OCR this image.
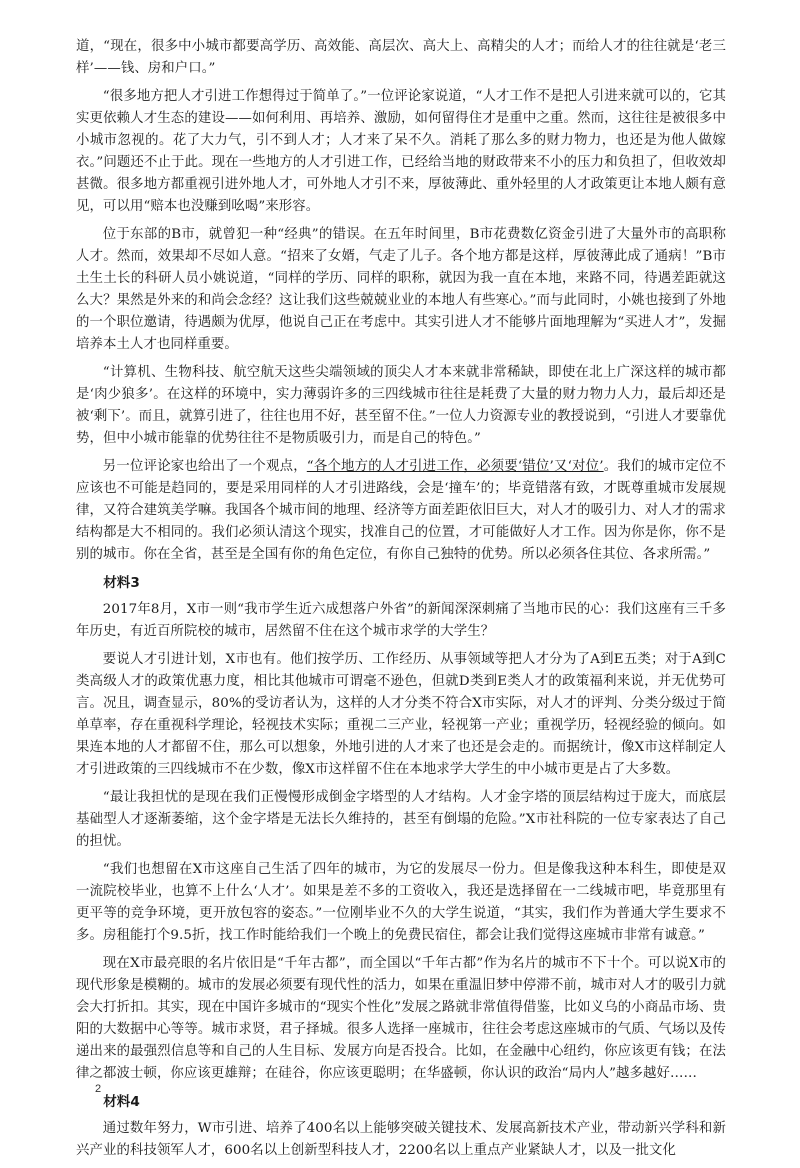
道，“现在，很多中小城市都要高学历、高效能、高层次、高大上、高精尖的人才；而给人才的往往就是‘老三样’——钱、房和户口。”

“很多地方把人才引进工作想得过于简单了。”一位评论家说道，“人才工作不是把人引进来就可以的，它其实更依赖人才生态的建设——如何利用、再培养、激励，如何留得住才是重中之重。然而，这往往是被很多中小城市忽视的。花了大力气，引不到人才；人才来了呆不久。消耗了那么多的财力物力，也还是为他人做嫁衣。”问题还不止于此。现在一些地方的人才引进工作，已经给当地的财政带来不小的压力和负担了，但收效却甚微。很多地方都重视引进外地人才，可外地人才引不来，厚彼薄此、重外轻里的人才政策更让本地人颇有意见，可以用“赔本也没赚到吆喝”来形容。

位于东部的B市，就曾犯一种“经典”的错误。在五年时间里，B市花费数亿资金引进了大量外市的高职称人才。然而，效果却不尽如人意。“招来了女婿，气走了儿子。各个地方都是这样，厚彼薄此成了通病！”B市土生土长的科研人员小姚说道，“同样的学历、同样的职称，就因为我一直在本地，来路不同，待遇差距就这么大？果然是外来的和尚会念经？这让我们这些兢兢业业的本地人有些寒心。”而与此同时，小姚也接到了外地的一个职位邀请，待遇颇为优厚，他说自己正在考虑中。其实引进人才不能够片面地理解为“买进人才”，发掘培养本土人才也同样重要。

“计算机、生物科技、航空航天这些尖端领域的顶尖人才本来就非常稀缺，即使在北上广深这样的城市都是‘肉少狼多’。在这样的环境中，实力薄弱许多的三四线城市往往是耗费了大量的财力物力人力，最后却还是被‘剩下’。而且，就算引进了，往往也用不好，甚至留不住。”一位人力资源专业的教授说到，“引进人才要靠优势，但中小城市能靠的优势往往不是物质吸引力，而是自己的特色。”

另一位评论家也给出了一个观点，“各个地方的人才引进工作，必须要‘错位’又‘对位’。我们的城市定位不应该也不可能是趋同的，要是采用同样的人才引进路线，会是‘撞车’的；毕竟错落有致，才既尊重城市发展规律，又符合建筑美学嘛。我国各个城市间的地理、经济等方面差距依旧巨大，对人才的吸引力、对人才的需求结构都是大不相同的。我们必须认清这个现实，找准自己的位置，才可能做好人才工作。因为你是你，你不是别的城市。你在全省，甚至是全国有你的角色定位，有你自己独特的优势。所以必须各住其位、各求所需。”

材料3

2017年8月，X市一则“我市学生近六成想落户外省”的新闻深深刺痛了当地市民的心：我们这座有三千多年历史，有近百所院校的城市，居然留不住在这个城市求学的大学生？

要说人才引进计划，X市也有。他们按学历、工作经历、从事领域等把人才分为了A到E五类；对于A到C类高级人才的政策优惠力度，相比其他城市可谓毫不逊色，但就D类到E类人才的政策福利来说，并无优势可言。况且，调查显示，80%的受访者认为，这样的人才分类不符合X市实际，对人才的评判、分类分级过于简单草率，存在重视科学理论，轻视技术实际；重视二三产业，轻视第一产业；重视学历，轻视经验的倾向。如果连本地的人才都留不住，那么可以想象，外地引进的人才来了也还是会走的。而据统计，像X市这样制定人才引进政策的三四线城市不在少数，像X市这样留不住在本地求学大学生的中小城市更是占了大多数。

“最让我担忧的是现在我们正慢慢形成倒金字塔型的人才结构。人才金字塔的顶层结构过于庞大，而底层基础型人才逐渐萎缩，这个金字塔是无法长久维持的，甚至有倒塌的危险。”X市社科院的一位专家表达了自己的担忧。

“我们也想留在X市这座自己生活了四年的城市，为它的发展尽一份力。但是像我这种本科生，即使是双一流院校毕业，也算不上什么‘人才’。如果是差不多的工资收入，我还是选择留在一二线城市吧，毕竟那里有更平等的竞争环境，更开放包容的姿态。”一位刚毕业不久的大学生说道，“其实，我们作为普通大学生要求不多。房租能打个9.5折，找工作时能给我们一个晚上的免费民宿住，都会让我们觉得这座城市非常有诚意。”

现在X市最亮眼的名片依旧是“千年古都”，而全国以“千年古都”作为名片的城市不下十个。可以说X市的现代形象是模糊的。城市的发展必须要有现代性的活力，如果在重温旧梦中停滞不前，城市对人才的吸引力就会大打折扣。其实，现在中国许多城市的“现实个性化”发展之路就非常值得借鉴，比如义乌的小商品市场、贵阳的大数据中心等等。城市求贤，君子择城。很多人选择一座城市，往往会考虑这座城市的气质、气场以及传递出来的最强烈信息等和自己的人生目标、发展方向是否投合。比如，在金融中心纽约，你应该更有钱；在法律之都波士顿，你应该更雄辩；在硅谷，你应该更聪明；在华盛顿，你认识的政治“局内人”越多越好……

材料4

通过数年努力，W市引进、培养了400名以上能够突破关键技术、发展高新技术产业，带动新兴学科和新兴产业的科技领军人才，600名以上创新型科技人才，2200名以上重点产业紧缺人才，以及一批文化

2
